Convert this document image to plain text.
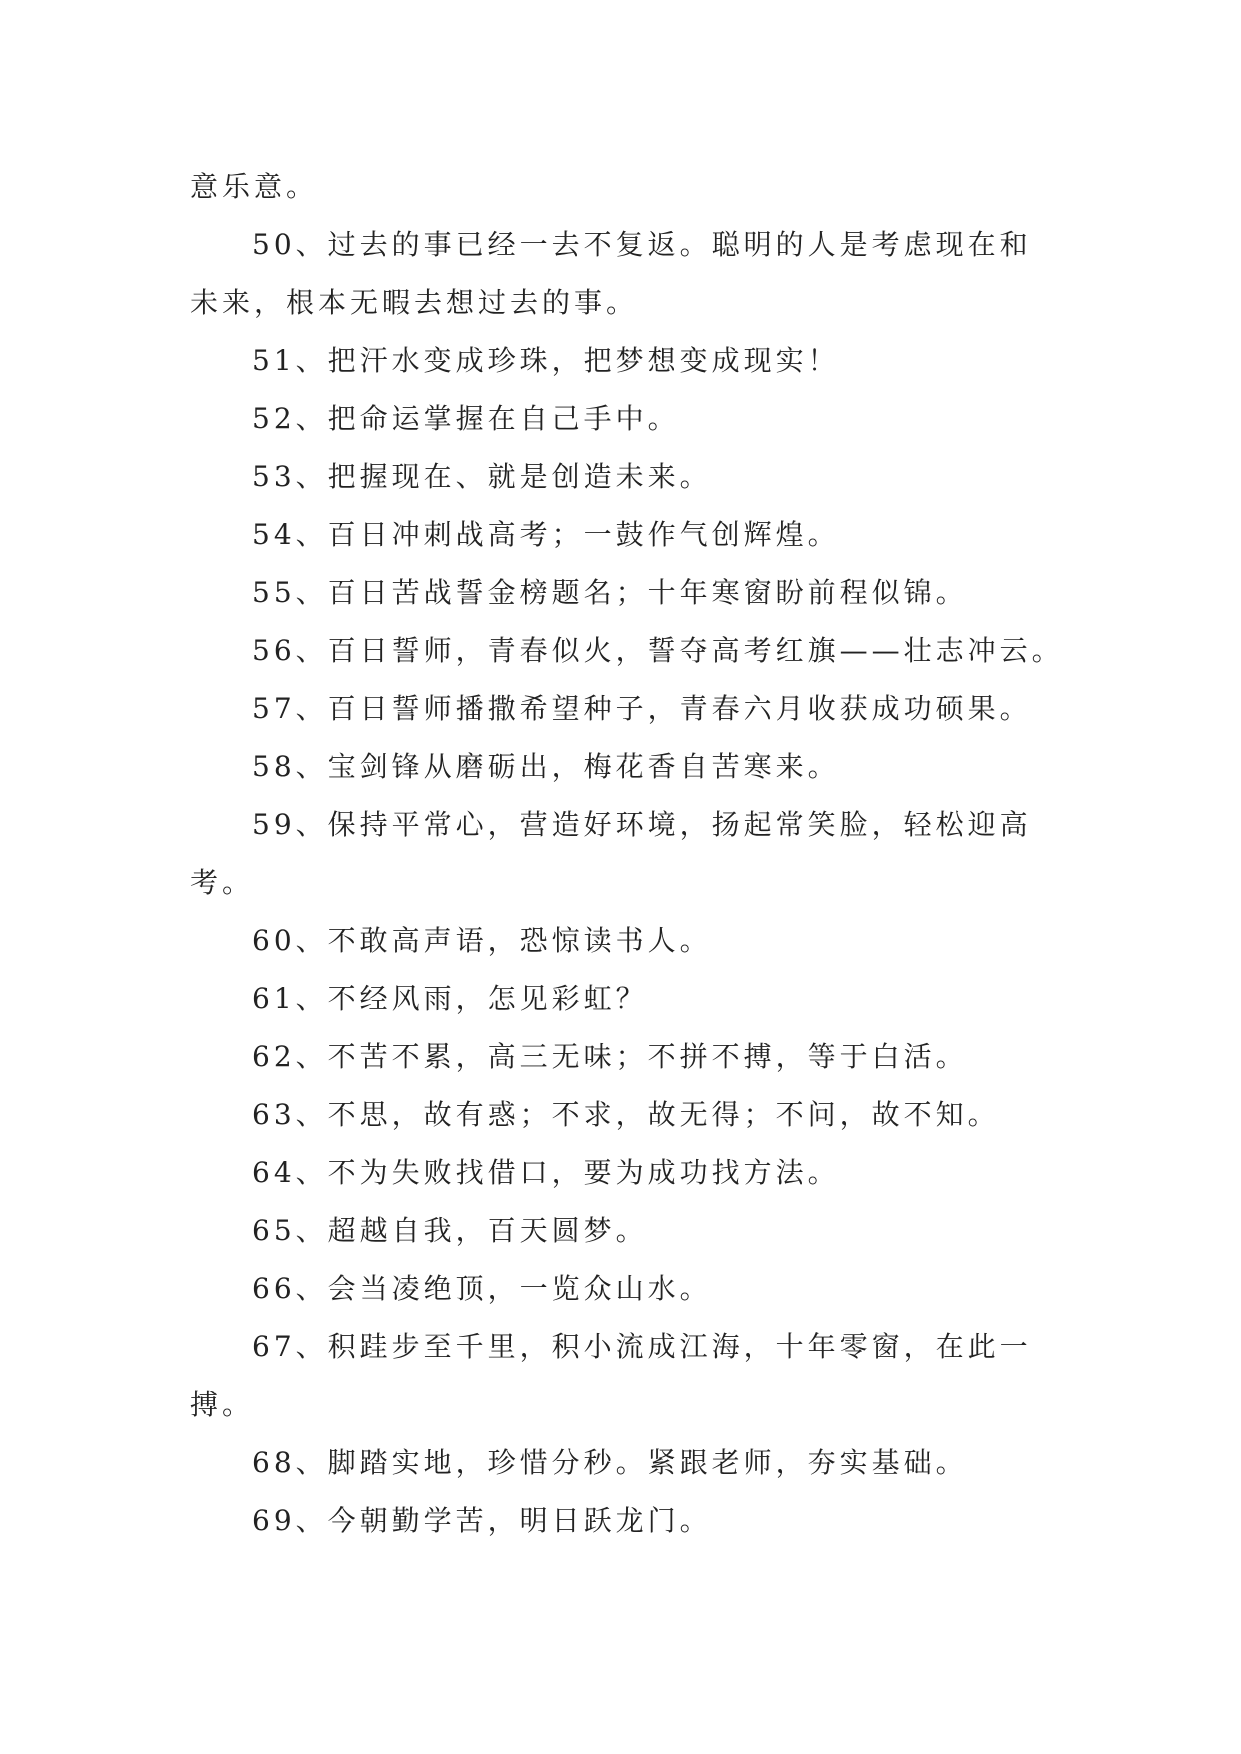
意乐意。

50、过去的事已经一去不复返。聪明的人是考虑现在和

未来，根本无暇去想过去的事。

51、把汗水变成珍珠，把梦想变成现实！

52、把命运掌握在自己手中。

53、把握现在、就是创造未来。

54、百日冲刺战高考；一鼓作气创辉煌。

55、百日苦战誓金榜题名；十年寒窗盼前程似锦。

56、百日誓师，青春似火，誓夺高考红旗——壮志冲云。

57、百日誓师播撒希望种子，青春六月收获成功硕果。

58、宝剑锋从磨砺出，梅花香自苦寒来。

59、保持平常心，营造好环境，扬起常笑脸，轻松迎高

考。

60、不敢高声语，恐惊读书人。

61、不经风雨，怎见彩虹？

62、不苦不累，高三无味；不拼不搏，等于白活。

63、不思，故有惑；不求，故无得；不问，故不知。

64、不为失败找借口，要为成功找方法。

65、超越自我，百天圆梦。

66、会当凌绝顶，一览众山水。

67、积跬步至千里，积小流成江海，十年零窗，在此一

搏。

68、脚踏实地，珍惜分秒。紧跟老师，夯实基础。

69、今朝勤学苦，明日跃龙门。
